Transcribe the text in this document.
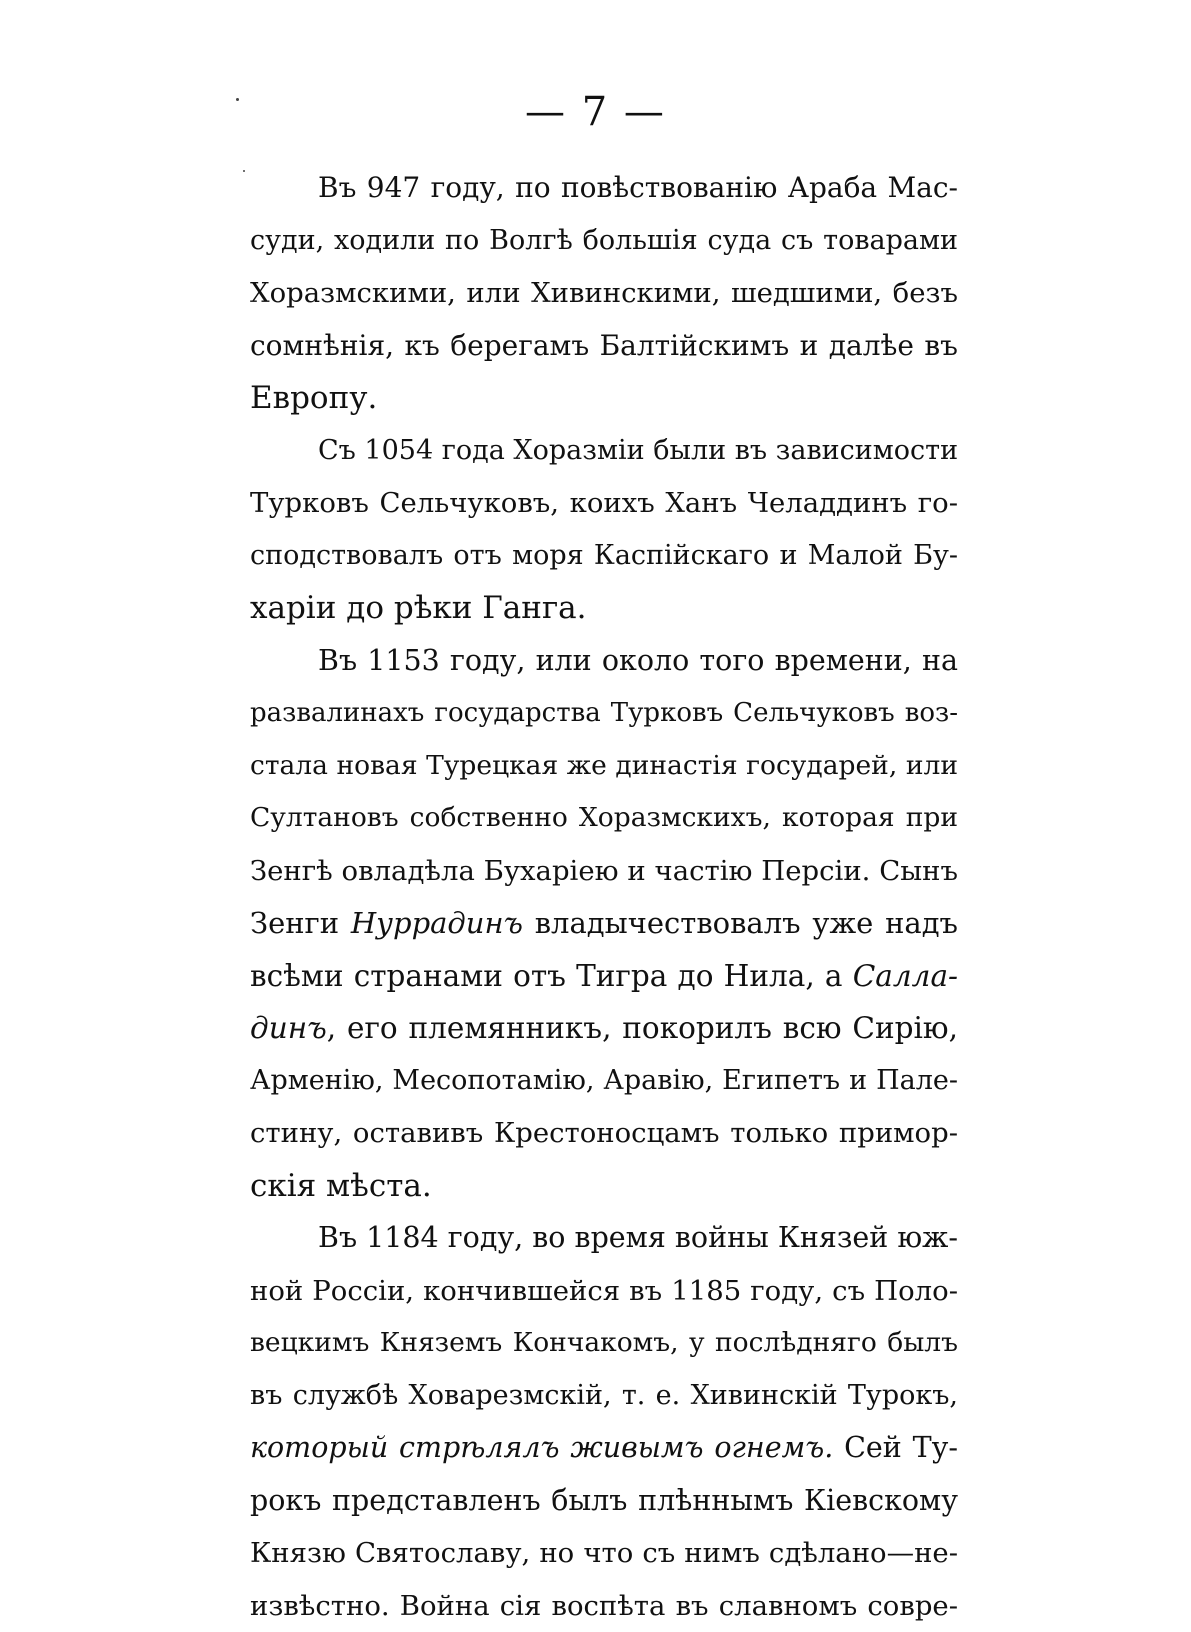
— 7 —
Въ 947 году, по повѣствованію Араба Мас-
суди, ходили по Волгѣ большія суда съ товарами
Хоразмскими, или Хивинскими, шедшими, безъ
сомнѣнія, къ берегамъ Балтійскимъ и далѣе въ
Европу.
Съ 1054 года Хоразміи были въ зависимости
Турковъ Сельчуковъ, коихъ Ханъ Челаддинъ го-
сподствовалъ отъ моря Каспійскаго и Малой Бу-
харіи до рѣки Ганга.
Въ 1153 году, или около того времени, на
развалинахъ государства Турковъ Сельчуковъ воз-
стала новая Турецкая же династія государей, или
Султановъ собственно Хоразмскихъ, которая при
Зенгѣ овладѣла Бухаріею и частію Персіи. Сынъ
Зенги Нуррадинъ владычествовалъ уже надъ
всѣми странами отъ Тигра до Нила, а Салла-
динъ, его племянникъ, покорилъ всю Сирію,
Арменію, Месопотамію, Аравію, Египетъ и Пале-
стину, оставивъ Крестоносцамъ только примор-
скія мѣста.
Въ 1184 году, во время войны Князей юж-
ной Россіи, кончившейся въ 1185 году, съ Поло-
вецкимъ Княземъ Кончакомъ, у послѣдняго былъ
въ службѣ Ховарезмскій, т. е. Хивинскій Турокъ,
который стрѣлялъ живымъ огнемъ. Сей Ту-
рокъ представленъ былъ плѣннымъ Кіевскому
Князю Святославу, но что съ нимъ сдѣлано—не-
извѣстно. Война сія воспѣта въ славномъ совре-
